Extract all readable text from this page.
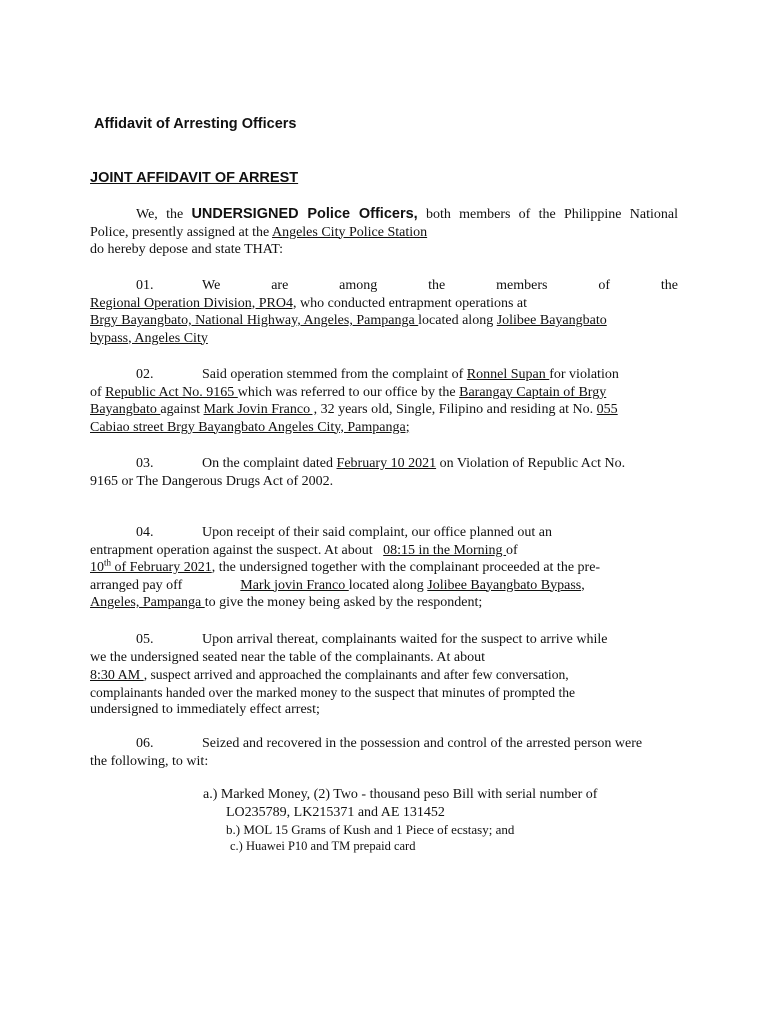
Affidavit of Arresting Officers
JOINT AFFIDAVIT OF ARREST
We, the UNDERSIGNED Police Officers, both members of the Philippine National
Police, presently assigned at the Angeles City Police Station
do hereby depose and state THAT:
01.	We	are	among	the	members	of	the
Regional Operation Division, PRO4, who conducted entrapment operations at
Brgy Bayangbato, National Highway, Angeles, Pampanga located along Jolibee Bayangbato
bypass, Angeles City
02.	Said operation stemmed from the complaint of Ronnel Supan for violation
of Republic Act No. 9165 which was referred to our office by the Barangay Captain of Brgy
Bayangbato against Mark Jovin Franco , 32 years old, Single, Filipino and residing at No. 055
Cabiao street Brgy Bayangbato Angeles City, Pampanga;
03.	On the complaint dated February 10 2021 on Violation of Republic Act No.
9165 or The Dangerous Drugs Act of 2002.
04.	Upon receipt of their said complaint, our office planned out an
entrapment operation against the suspect. At about 08:15 in the Morning of
10th of February 2021, the undersigned together with the complainant proceeded at the pre-
arranged pay off	Mark jovin Franco located along Jolibee Bayangbato Bypass,
Angeles, Pampanga to give the money being asked by the respondent;
05.	Upon arrival thereat, complainants waited for the suspect to arrive while
we the undersigned seated near the table of the complainants. At about
8:30 AM , suspect arrived and approached the complainants and after few conversation,
complainants handed over the marked money to the suspect that minutes of prompted the
undersigned to immediately effect arrest;
06.	Seized and recovered in the possession and control of the arrested person were
the following, to wit:
a.) Marked Money, (2) Two - thousand peso Bill with serial number of
LO235789, LK215371 and AE 131452
b.) MOL 15 Grams of Kush and 1 Piece of ecstasy; and
c.) Huawei P10 and TM prepaid card
